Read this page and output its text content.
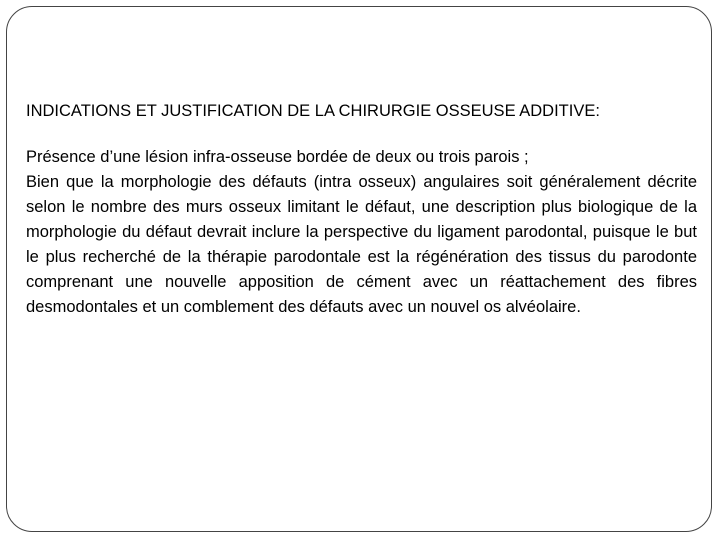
INDICATIONS ET JUSTIFICATION DE LA CHIRURGIE OSSEUSE ADDITIVE:

Présence d’une lésion infra-osseuse bordée de deux ou trois parois ;

Bien que la morphologie des défauts (intra osseux) angulaires soit généralement décrite selon le nombre des murs osseux limitant le défaut, une description plus biologique de la morphologie du défaut devrait inclure la perspective du ligament parodontal, puisque le but le plus recherché de la thérapie parodontale est la régénération des tissus du parodonte comprenant une nouvelle apposition de cément avec un réattachement des fibres desmodontales et un comblement des défauts avec un nouvel os alvéolaire.
